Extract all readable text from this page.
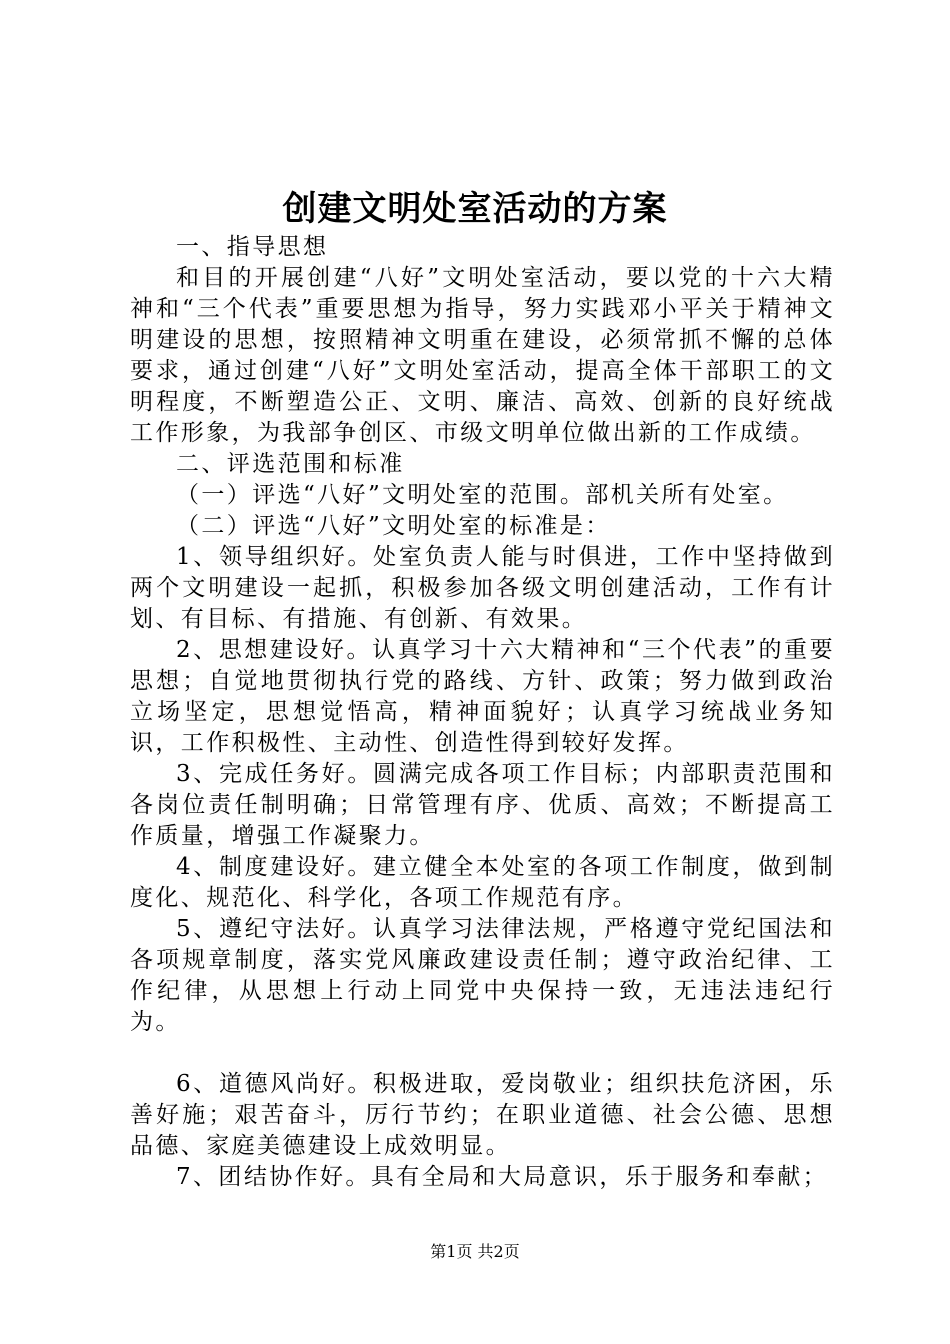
创建文明处室活动的方案

一、指导思想

和目的开展创建“八好”文明处室活动，要以党的十六大精神和“三个代表”重要思想为指导，努力实践邓小平关于精神文明建设的思想，按照精神文明重在建设，必须常抓不懈的总体要求，通过创建“八好”文明处室活动，提高全体干部职工的文明程度，不断塑造公正、文明、廉洁、高效、创新的良好统战工作形象，为我部争创区、市级文明单位做出新的工作成绩。

二、评选范围和标准

（一）评选“八好”文明处室的范围。部机关所有处室。

（二）评选“八好”文明处室的标准是：

1、领导组织好。处室负责人能与时俱进，工作中坚持做到两个文明建设一起抓，积极参加各级文明创建活动，工作有计划、有目标、有措施、有创新、有效果。

2、思想建设好。认真学习十六大精神和“三个代表”的重要思想；自觉地贯彻执行党的路线、方针、政策；努力做到政治立场坚定，思想觉悟高，精神面貌好；认真学习统战业务知识，工作积极性、主动性、创造性得到较好发挥。

3、完成任务好。圆满完成各项工作目标；内部职责范围和各岗位责任制明确；日常管理有序、优质、高效；不断提高工作质量，增强工作凝聚力。

4、制度建设好。建立健全本处室的各项工作制度，做到制度化、规范化、科学化，各项工作规范有序。

5、遵纪守法好。认真学习法律法规，严格遵守党纪国法和各项规章制度，落实党风廉政建设责任制；遵守政治纪律、工作纪律，从思想上行动上同党中央保持一致，无违法违纪行为。

6、道德风尚好。积极进取，爱岗敬业；组织扶危济困，乐善好施；艰苦奋斗，厉行节约；在职业道德、社会公德、思想品德、家庭美德建设上成效明显。

7、团结协作好。具有全局和大局意识，乐于服务和奉献；

第1页 共2页
